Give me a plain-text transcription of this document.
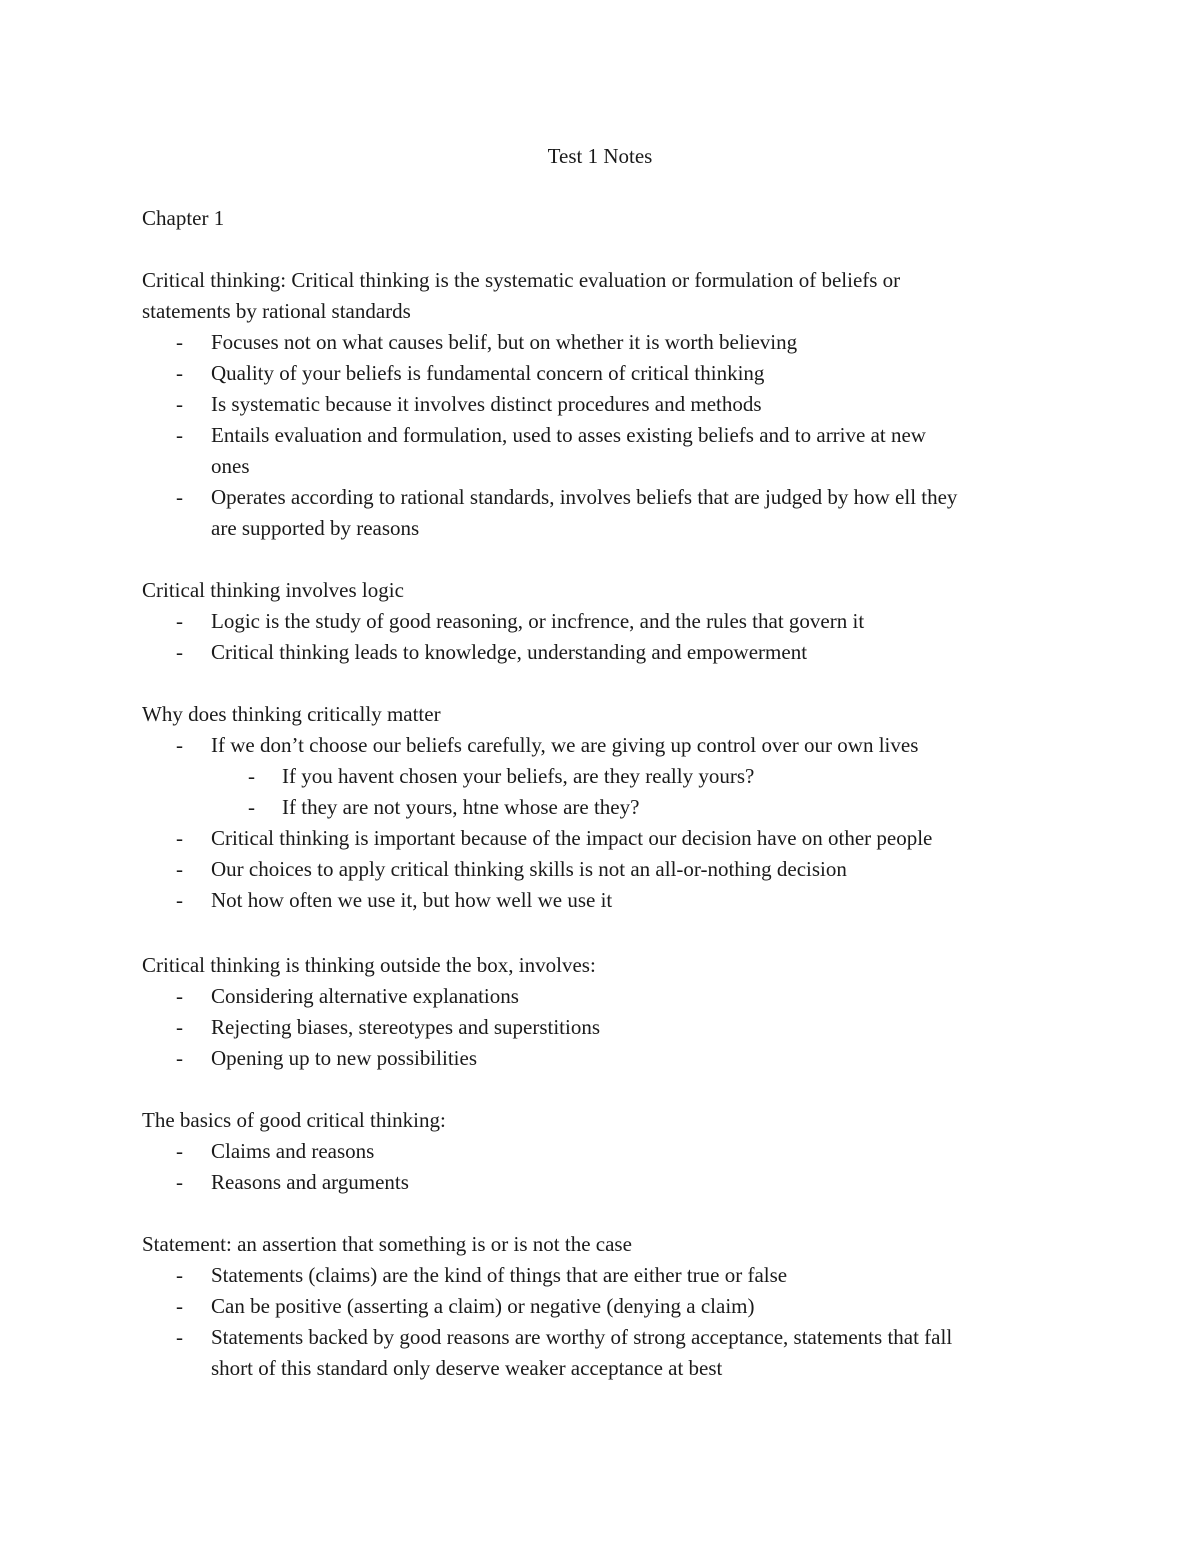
Test 1 Notes
Chapter 1
Critical thinking: Critical thinking is the systematic evaluation or formulation of beliefs or
statements by rational standards
- Focuses not on what causes belif, but on whether it is worth believing
- Quality of your beliefs is fundamental concern of critical thinking
- Is systematic because it involves distinct procedures and methods
- Entails evaluation and formulation, used to asses existing beliefs and to arrive at new
ones
- Operates according to rational standards, involves beliefs that are judged by how ell they
are supported by reasons
Critical thinking involves logic
- Logic is the study of good reasoning, or incfrence, and the rules that govern it
- Critical thinking leads to knowledge, understanding and empowerment
Why does thinking critically matter
- If we don’t choose our beliefs carefully, we are giving up control over our own lives
- If you havent chosen your beliefs, are they really yours?
- If they are not yours, htne whose are they?
- Critical thinking is important because of the impact our decision have on other people
- Our choices to apply critical thinking skills is not an all-or-nothing decision
- Not how often we use it, but how well we use it
Critical thinking is thinking outside the box, involves:
- Considering alternative explanations
- Rejecting biases, stereotypes and superstitions
- Opening up to new possibilities
The basics of good critical thinking:
- Claims and reasons
- Reasons and arguments
Statement: an assertion that something is or is not the case
- Statements (claims) are the kind of things that are either true or false
- Can be positive (asserting a claim) or negative (denying a claim)
- Statements backed by good reasons are worthy of strong acceptance, statements that fall
short of this standard only deserve weaker acceptance at best
